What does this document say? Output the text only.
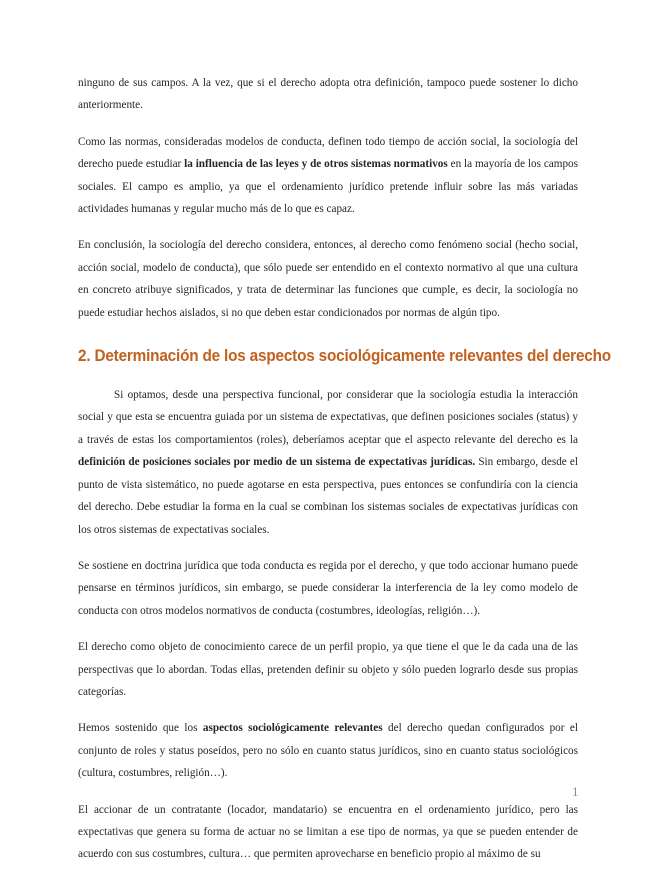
ninguno de sus campos. A la vez, que si el derecho adopta otra definición, tampoco puede sostener lo dicho anteriormente.

Como las normas, consideradas modelos de conducta, definen todo tiempo de acción social, la sociología del derecho puede estudiar la influencia de las leyes y de otros sistemas normativos en la mayoría de los campos sociales. El campo es amplio, ya que el ordenamiento jurídico pretende influir sobre las más variadas actividades humanas y regular mucho más de lo que es capaz.

En conclusión, la sociología del derecho considera, entonces, al derecho como fenómeno social (hecho social, acción social, modelo de conducta), que sólo puede ser entendido en el contexto normativo al que una cultura en concreto atribuye significados, y trata de determinar las funciones que cumple, es decir, la sociología no puede estudiar hechos aislados, si no que deben estar condicionados por normas de algún tipo.

2. Determinación de los aspectos sociológicamente relevantes del derecho

Si optamos, desde una perspectiva funcional, por considerar que la sociología estudia la interacción social y que esta se encuentra guiada por un sistema de expectativas, que definen posiciones sociales (status) y a través de estas los comportamientos (roles), deberíamos aceptar que el aspecto relevante del derecho es la definición de posiciones sociales por medio de un sistema de expectativas jurídicas. Sin embargo, desde el punto de vista sistemático, no puede agotarse en esta perspectiva, pues entonces se confundiría con la ciencia del derecho. Debe estudiar la forma en la cual se combinan los sistemas sociales de expectativas jurídicas con los otros sistemas de expectativas sociales.

Se sostiene en doctrina jurídica que toda conducta es regida por el derecho, y que todo accionar humano puede pensarse en términos jurídicos, sin embargo, se puede considerar la interferencia de la ley como modelo de conducta con otros modelos normativos de conducta (costumbres, ideologías, religión…).

El derecho como objeto de conocimiento carece de un perfil propio, ya que tiene el que le da cada una de las perspectivas que lo abordan. Todas ellas, pretenden definir su objeto y sólo pueden lograrlo desde sus propias categorías.

Hemos sostenido que los aspectos sociológicamente relevantes del derecho quedan configurados por el conjunto de roles y status poseídos, pero no sólo en cuanto status jurídicos, sino en cuanto status sociológicos (cultura, costumbres, religión…).

El accionar de un contratante (locador, mandatario) se encuentra en el ordenamiento jurídico, pero las expectativas que genera su forma de actuar no se limitan a ese tipo de normas, ya que se pueden entender de acuerdo con sus costumbres, cultura… que permiten aprovecharse en beneficio propio al máximo de su

1
